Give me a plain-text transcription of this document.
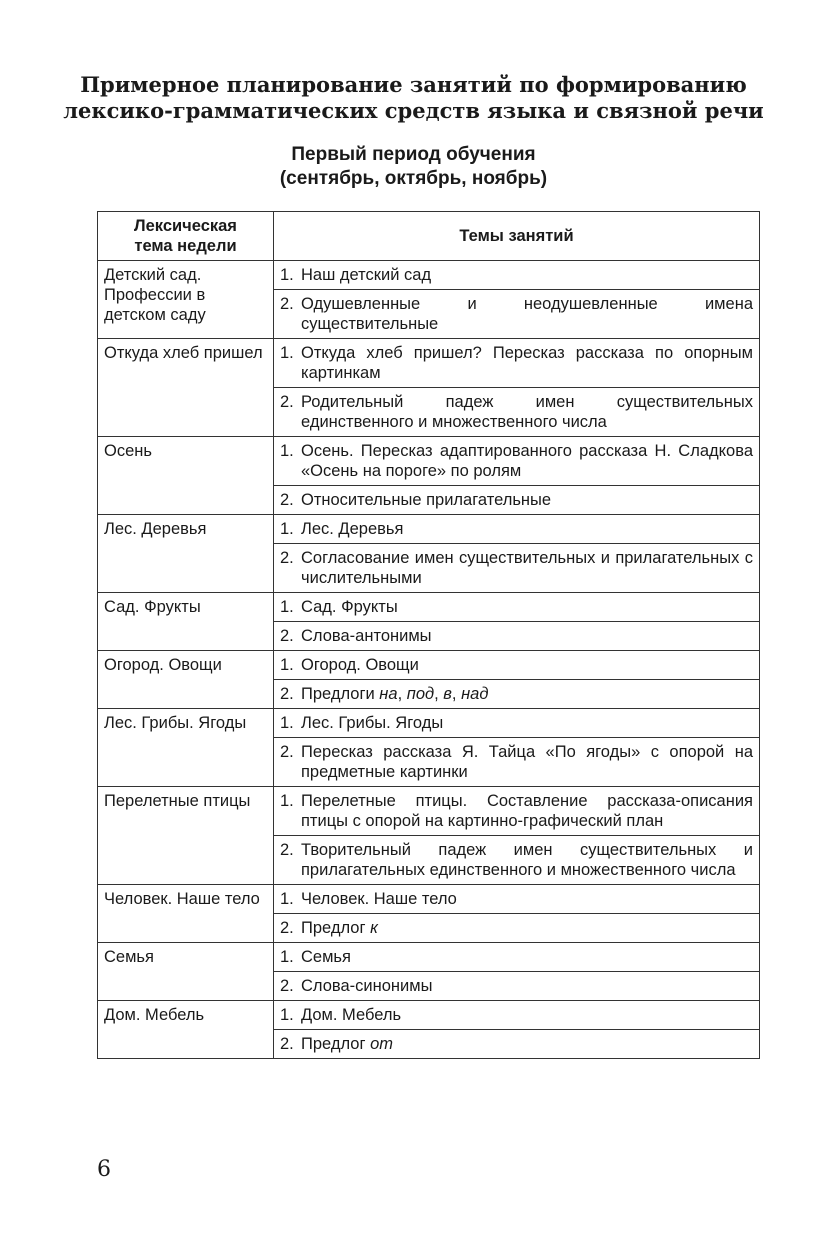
Примерное планирование занятий по формированию
лексико-грамматических средств языка и связной речи
Первый период обучения
(сентябрь, октябрь, ноябрь)
Лексическая
тема недели	Темы занятий
Детский сад. Профессии в детском саду	1. Наш детский сад

	2. Одушевленные и неодушевленные имена существительные

Откуда хлеб пришел	1. Откуда хлеб пришел? Пересказ рассказа по опорным картинкам

	2. Родительный падеж имен существительных единственного и множественного числа

Осень	1. Осень. Пересказ адаптированного рассказа Н. Сладкова «Осень на пороге» по ролям

	2. Относительные прилагательные

Лес. Деревья	1. Лес. Деревья

	2. Согласование имен существительных и прилагательных с числительными

Сад. Фрукты	1. Сад. Фрукты

	2. Слова-антонимы

Огород. Овощи	1. Огород. Овощи

	2. Предлоги на, под, в, над

Лес. Грибы. Ягоды	1. Лес. Грибы. Ягоды

	2. Пересказ рассказа Я. Тайца «По ягоды» с опорой на предметные картинки

Перелетные птицы	1. Перелетные птицы. Составление рассказа-описания птицы с опорой на картинно-графический план

	2. Творительный падеж имен существительных и прилагательных единственного и множественного числа

Человек. Наше тело	1. Человек. Наше тело

	2. Предлог к

Семья	1. Семья

	2. Слова-синонимы

Дом. Мебель	1. Дом. Мебель

	2. Предлог от
6
